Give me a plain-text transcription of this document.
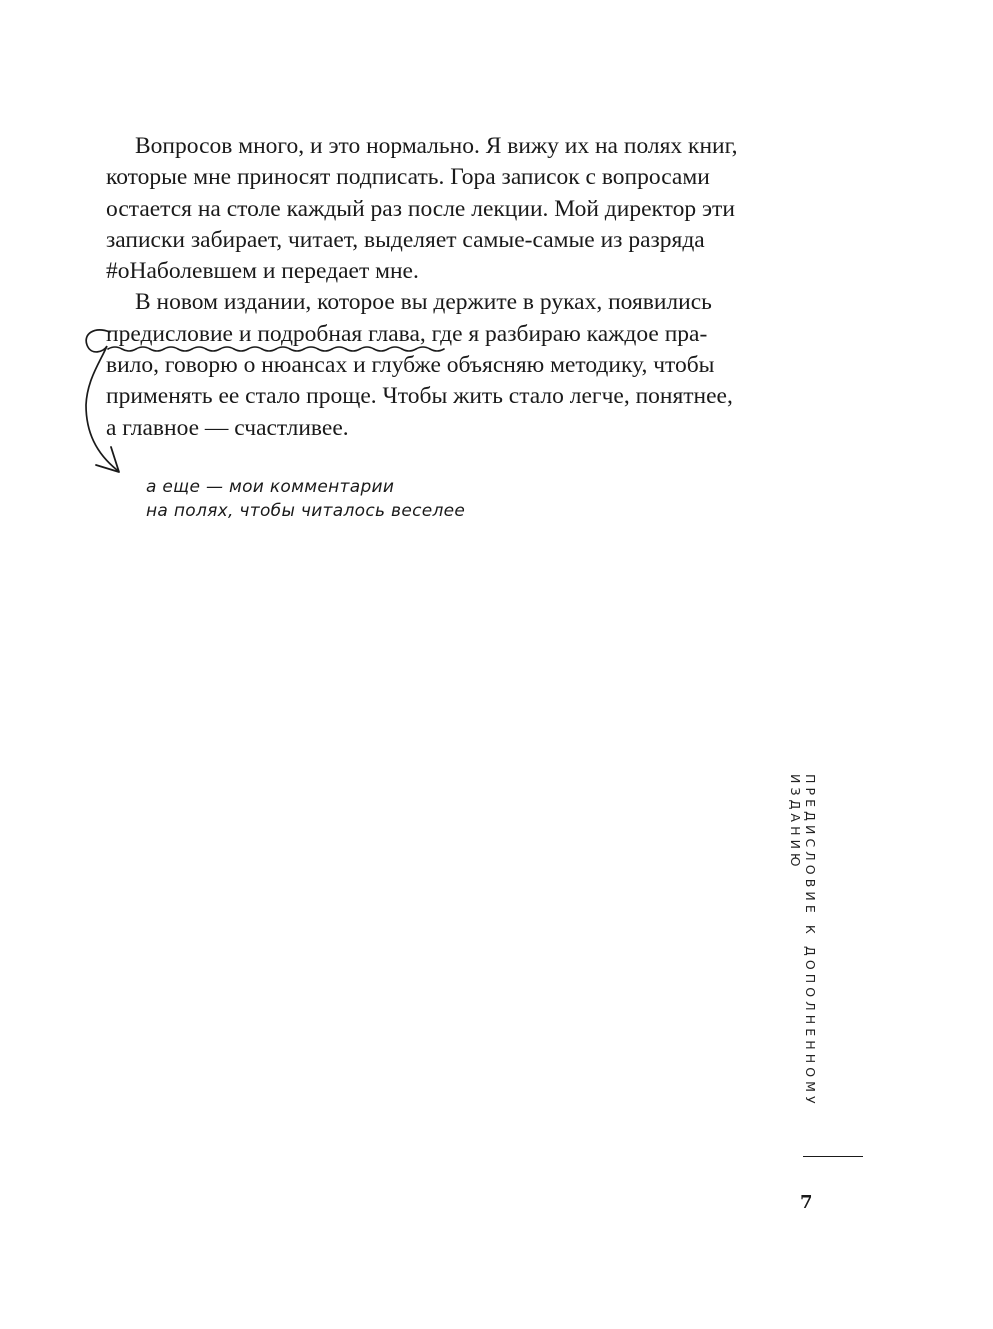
Вопросов много, и это нормально. Я вижу их на полях книг,
которые мне приносят подписать. Гора записок с вопросами
остается на столе каждый раз после лекции. Мой директор эти
записки забирает, читает, выделяет самые-самые из разряда
#оНаболевшем и передает мне.
В новом издании, которое вы держите в руках, появились
предисловие и подробная глава, где я разбираю каждое пра-
вило, говорю о нюансах и глубже объясняю методику, чтобы
применять ее стало проще. Чтобы жить стало легче, понятнее,
а главное — счастливее.
а еще — мои комментарии
на полях, чтобы читалось веселее
ПРЕДИСЛОВИЕ К ДОПОЛНЕННОМУ ИЗДАНИЮ
7
